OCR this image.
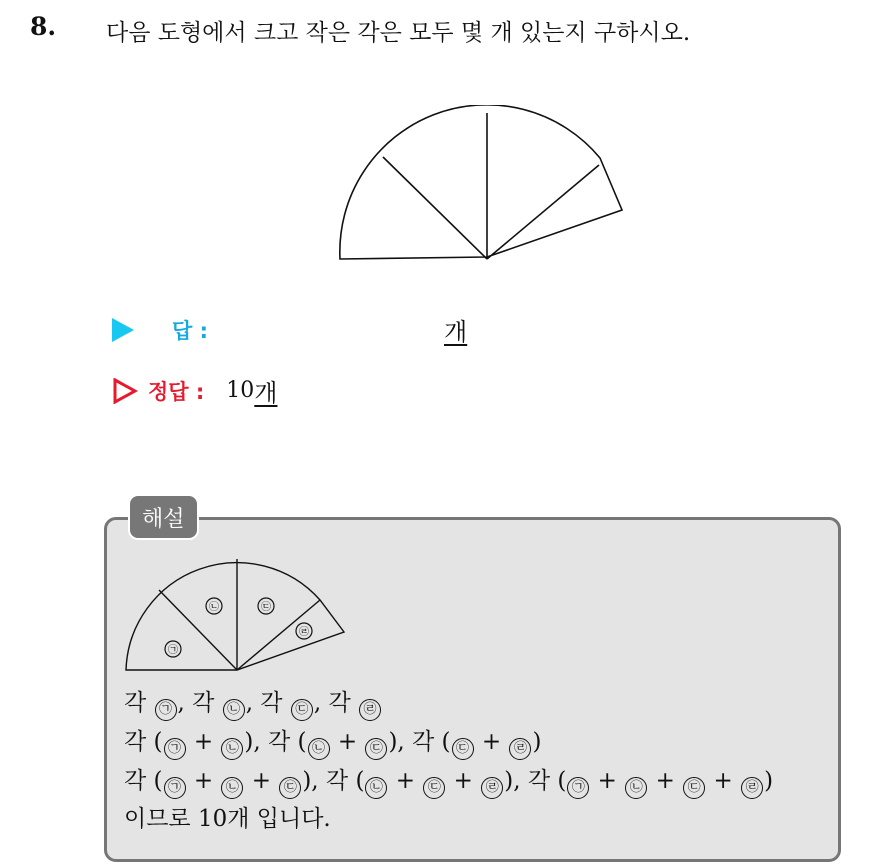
8. 다음 도형에서 크고 작은 각은 모두 몇 개 있는지 구하시오.
답 :	개
정답 : 10 개
해설
㉠
㉡	㉢
㉣
각 ㉠ , 각 ㉡ , 각 ㉢ , 각 ㉣
각 ( ㉠ + ㉡ ), 각 ( ㉡ + ㉢ ), 각 ( ㉢ + ㉣ )
각 ( ㉠ + ㉡ + ㉢ ), 각 ( ㉡ + ㉢ + ㉣ ), 각 ( ㉠ + ㉡ + ㉢ + ㉣ )
이므로 10개 입니다.
